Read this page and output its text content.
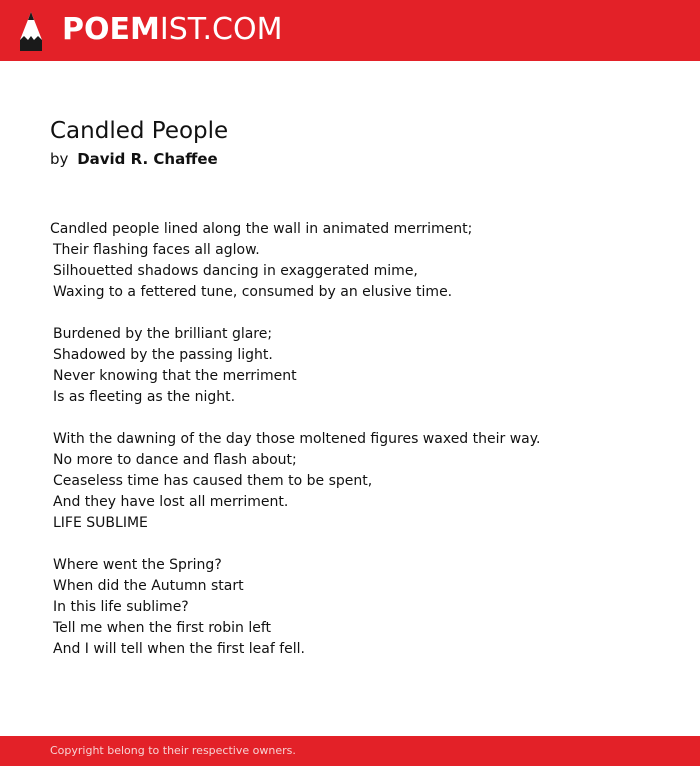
POEMIST.COM
Candled People
by David R. Chaffee
Candled people lined along the wall in animated merriment;
Their flashing faces all aglow.
Silhouetted shadows dancing in exaggerated mime,
Waxing to a fettered tune, consumed by an elusive time.
Burdened by the brilliant glare;
Shadowed by the passing light.
Never knowing that the merriment
Is as fleeting as the night.
With the dawning of the day those moltened figures waxed their way.
No more to dance and flash about;
Ceaseless time has caused them to be spent,
And they have lost all merriment.
LIFE SUBLIME
Where went the Spring?
When did the Autumn start
In this life sublime?
Tell me when the first robin left
And I will tell when the first leaf fell.
Copyright belong to their respective owners.
